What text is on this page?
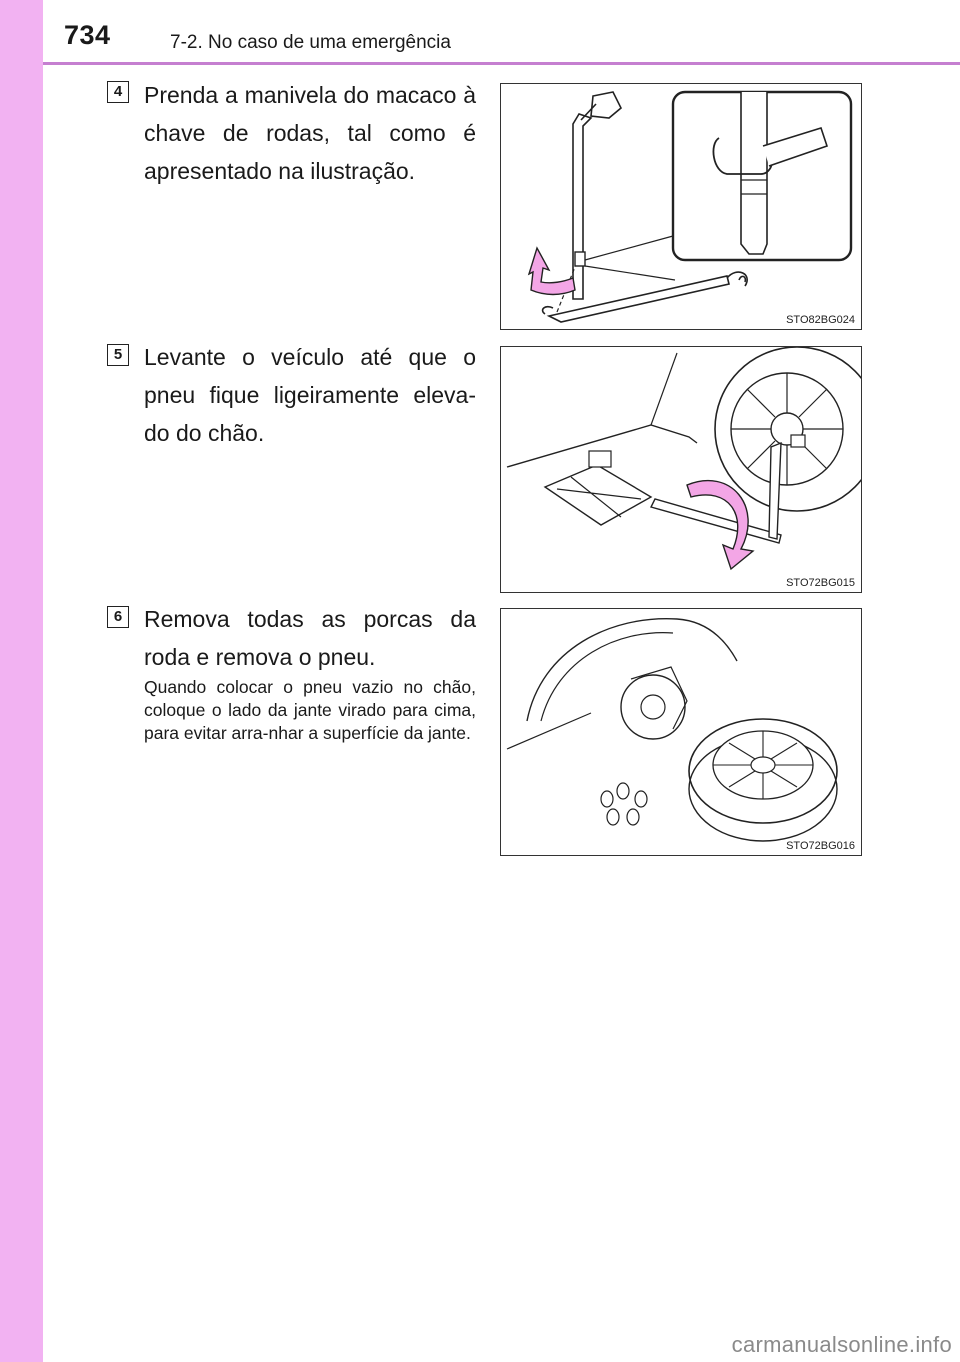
734	7-2. No caso de uma emergência
4 Prenda a manivela do macaco à chave de rodas, tal como é apresentado na ilustração.
STO82BG024
5 Levante o veículo até que o pneu fique ligeiramente eleva-do do chão.
STO72BG015
6 Remova todas as porcas da roda e remova o pneu.
Quando colocar o pneu vazio no chão, coloque o lado da jante virado para cima, para evitar arra-nhar a superfície da jante.
STO72BG016
carmanualsonline.info
